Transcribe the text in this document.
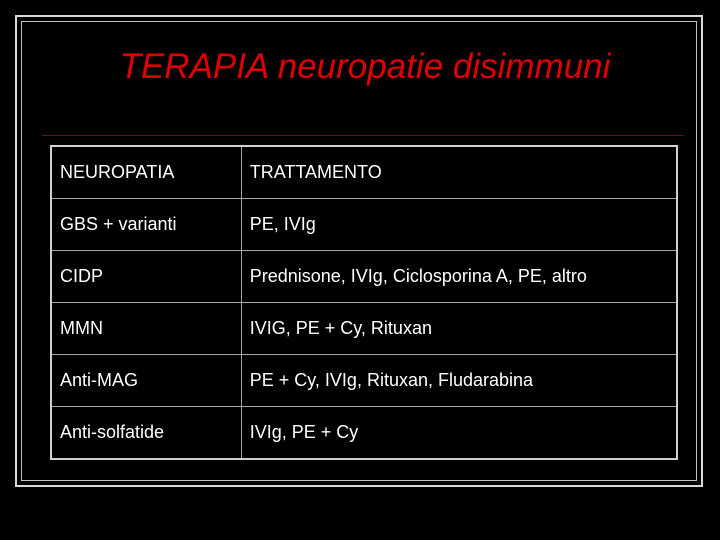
TERAPIA neuropatie disimmuni
NEUROPATIA	TRATTAMENTO
GBS + varianti	PE, IVIg
CIDP	Prednisone, IVIg, Ciclosporina A, PE, altro
MMN	IVIG, PE + Cy, Rituxan
Anti-MAG	PE + Cy, IVIg, Rituxan, Fludarabina
Anti-solfatide	IVIg, PE + Cy
